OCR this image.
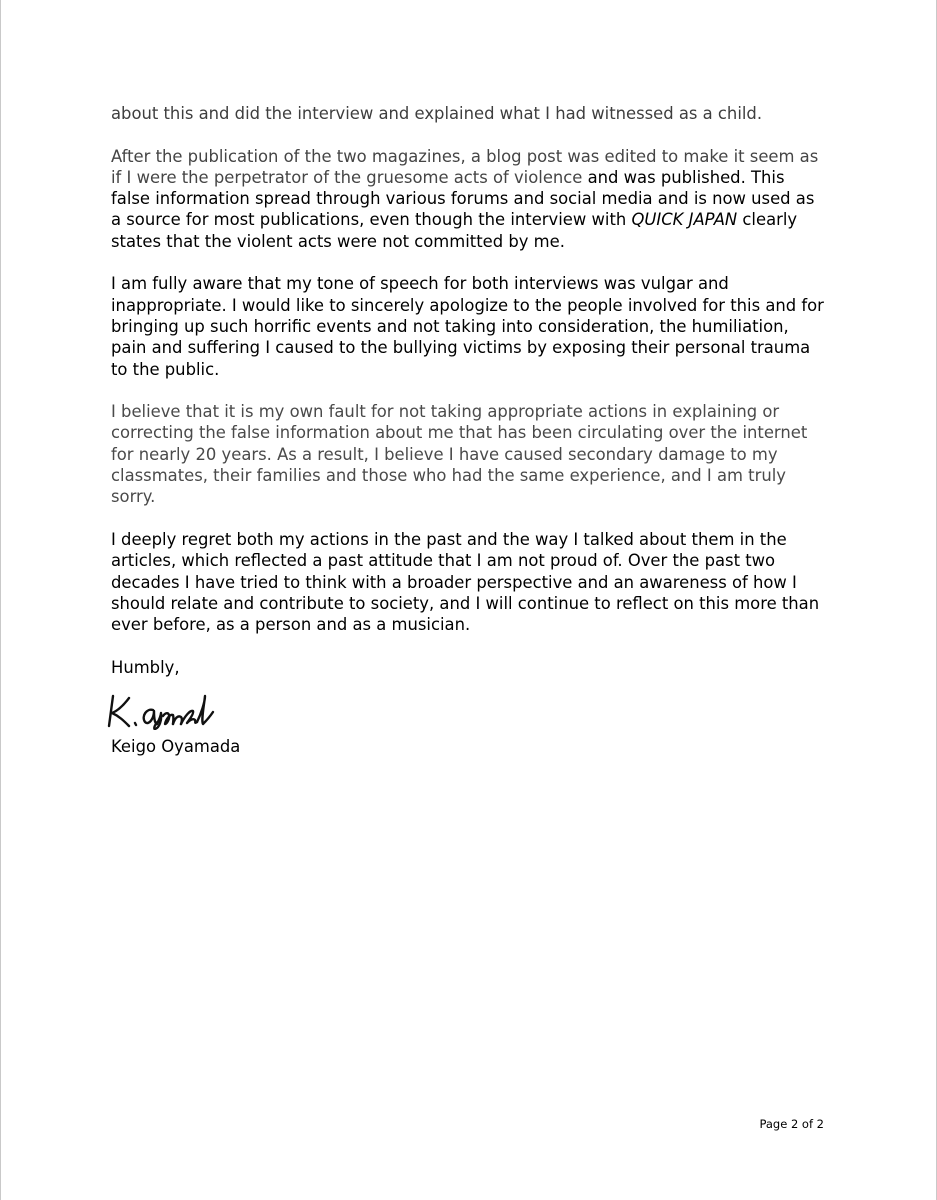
about this and did the interview and explained what I had witnessed as a child.

After the publication of the two magazines, a blog post was edited to make it seem as if I were the perpetrator of the gruesome acts of violence and was published. This false information spread through various forums and social media and is now used as a source for most publications, even though the interview with QUICK JAPAN clearly states that the violent acts were not committed by me.

I am fully aware that my tone of speech for both interviews was vulgar and inappropriate. I would like to sincerely apologize to the people involved for this and for bringing up such horrific events and not taking into consideration, the humiliation, pain and suffering I caused to the bullying victims by exposing their personal trauma to the public.

I believe that it is my own fault for not taking appropriate actions in explaining or correcting the false information about me that has been circulating over the internet for nearly 20 years. As a result, I believe I have caused secondary damage to my classmates, their families and those who had the same experience, and I am truly sorry.

I deeply regret both my actions in the past and the way I talked about them in the articles, which reflected a past attitude that I am not proud of. Over the past two decades I have tried to think with a broader perspective and an awareness of how I should relate and contribute to society, and I will continue to reflect on this more than ever before, as a person and as a musician.

Humbly,

Keigo Oyamada

Page 2 of 2
